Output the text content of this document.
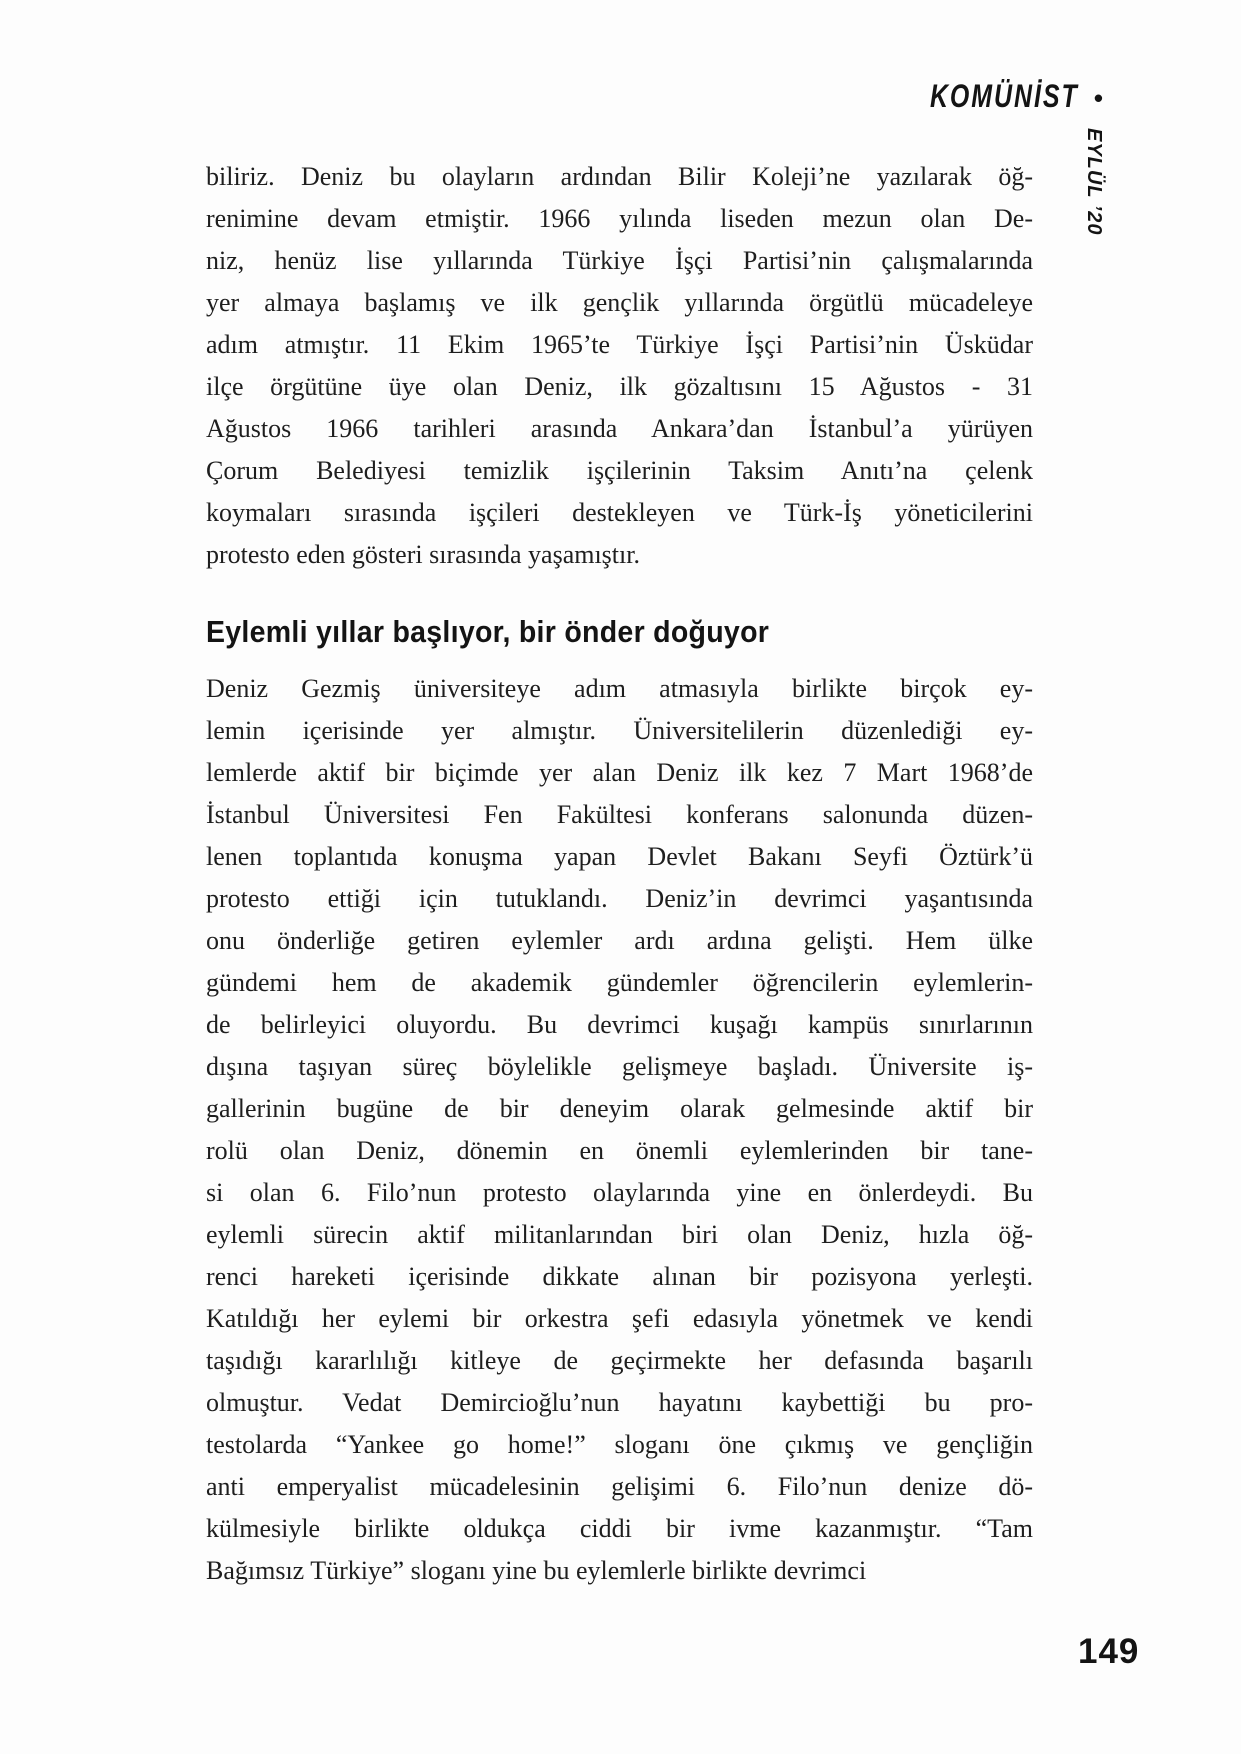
KOMÜNİST •
EYLÜL ’20
biliriz. Deniz bu olayların ardından Bilir Koleji’ne yazılarak öğ-
renimine devam etmiştir. 1966 yılında liseden mezun olan De-
niz, henüz lise yıllarında Türkiye İşçi Partisi’nin çalışmalarında
yer almaya başlamış ve ilk gençlik yıllarında örgütlü mücadeleye
adım atmıştır. 11 Ekim 1965’te Türkiye İşçi Partisi’nin Üsküdar
ilçe örgütüne üye olan Deniz, ilk gözaltısını 15 Ağustos - 31
Ağustos 1966 tarihleri arasında Ankara’dan İstanbul’a yürüyen
Çorum Belediyesi temizlik işçilerinin Taksim Anıtı’na çelenk
koymaları sırasında işçileri destekleyen ve Türk-İş yöneticilerini
protesto eden gösteri sırasında yaşamıştır.
Eylemli yıllar başlıyor, bir önder doğuyor
Deniz Gezmiş üniversiteye adım atmasıyla birlikte birçok ey-
lemin içerisinde yer almıştır. Üniversitelilerin düzenlediği ey-
lemlerde aktif bir biçimde yer alan Deniz ilk kez 7 Mart 1968’de
İstanbul Üniversitesi Fen Fakültesi konferans salonunda düzen-
lenen toplantıda konuşma yapan Devlet Bakanı Seyfi Öztürk’ü
protesto ettiği için tutuklandı. Deniz’in devrimci yaşantısında
onu önderliğe getiren eylemler ardı ardına gelişti. Hem ülke
gündemi hem de akademik gündemler öğrencilerin eylemlerin-
de belirleyici oluyordu. Bu devrimci kuşağı kampüs sınırlarının
dışına taşıyan süreç böylelikle gelişmeye başladı. Üniversite iş-
gallerinin bugüne de bir deneyim olarak gelmesinde aktif bir
rolü olan Deniz, dönemin en önemli eylemlerinden bir tane-
si olan 6. Filo’nun protesto olaylarında yine en önlerdeydi. Bu
eylemli sürecin aktif militanlarından biri olan Deniz, hızla öğ-
renci hareketi içerisinde dikkate alınan bir pozisyona yerleşti.
Katıldığı her eylemi bir orkestra şefi edasıyla yönetmek ve kendi
taşıdığı kararlılığı kitleye de geçirmekte her defasında başarılı
olmuştur. Vedat Demircioğlu’nun hayatını kaybettiği bu pro-
testolarda “Yankee go home!” sloganı öne çıkmış ve gençliğin
anti emperyalist mücadelesinin gelişimi 6. Filo’nun denize dö-
külmesiyle birlikte oldukça ciddi bir ivme kazanmıştır. “Tam
Bağımsız Türkiye” sloganı yine bu eylemlerle birlikte devrimci
149
